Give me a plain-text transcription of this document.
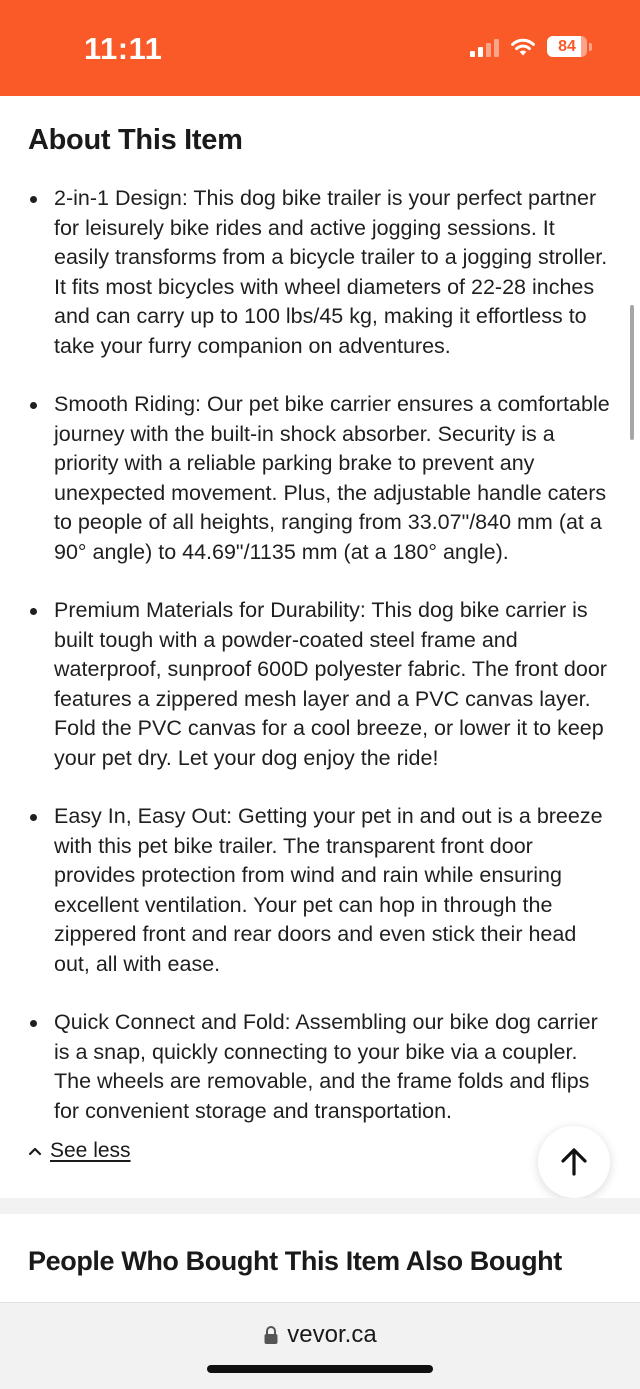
11:11	84
About This Item
2-in-1 Design: This dog bike trailer is your perfect partner for leisurely bike rides and active jogging sessions. It easily transforms from a bicycle trailer to a jogging stroller. It fits most bicycles with wheel diameters of 22-28 inches and can carry up to 100 lbs/45 kg, making it effortless to take your furry companion on adventures.
Smooth Riding: Our pet bike carrier ensures a comfortable journey with the built-in shock absorber. Security is a priority with a reliable parking brake to prevent any unexpected movement. Plus, the adjustable handle caters to people of all heights, ranging from 33.07"/840 mm (at a 90° angle) to 44.69"/1135 mm (at a 180° angle).
Premium Materials for Durability: This dog bike carrier is built tough with a powder-coated steel frame and waterproof, sunproof 600D polyester fabric. The front door features a zippered mesh layer and a PVC canvas layer. Fold the PVC canvas for a cool breeze, or lower it to keep your pet dry. Let your dog enjoy the ride!
Easy In, Easy Out: Getting your pet in and out is a breeze with this pet bike trailer. The transparent front door provides protection from wind and rain while ensuring excellent ventilation. Your pet can hop in through the zippered front and rear doors and even stick their head out, all with ease.
Quick Connect and Fold: Assembling our bike dog carrier is a snap, quickly connecting to your bike via a coupler. The wheels are removable, and the frame folds and flips for convenient storage and transportation.
See less
People Who Bought This Item Also Bought
vevor.ca
